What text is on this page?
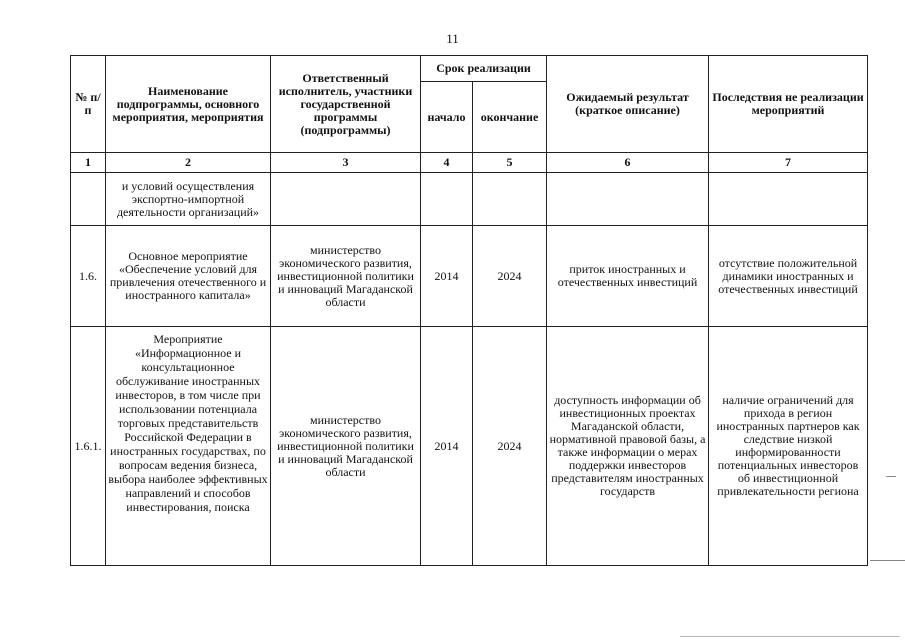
11
№ п/п	Наименование подпрограммы, основного мероприятия, мероприятия	Ответственный исполнитель, участники государственной программы (подпрограммы)	Срок реализации		Ожидаемый результат (краткое описание)	Последствия не реализации мероприятий
			начало	окончание		
1	2	3	4	5	6	7
	и условий осуществления экспортно-импортной деятельности организаций»					
1.6.	Основное мероприятие «Обеспечение условий для привлечения отечественного и иностранного капитала»	министерство экономического развития, инвестиционной политики и инноваций Магаданской области	2014	2024	приток иностранных и отечественных инвестиций	отсутствие положительной динамики иностранных и отечественных инвестиций
1.6.1.	Мероприятие «Информационное и консультационное обслуживание иностранных инвесторов, в том числе при использовании потенциала торговых представительств Российской Федерации в иностранных государствах, по вопросам ведения бизнеса, выбора наиболее эффективных направлений и способов инвестирования, поиска	министерство экономического развития, инвестиционной политики и инноваций Магаданской области	2014	2024	доступность информации об инвестиционных проектах Магаданской области, нормативной правовой базы, а также информации о мерах поддержки инвесторов представителям иностранных государств	наличие ограничений для прихода в регион иностранных партнеров как следствие низкой информированности потенциальных инвесторов об инвестиционной привлекательности региона
